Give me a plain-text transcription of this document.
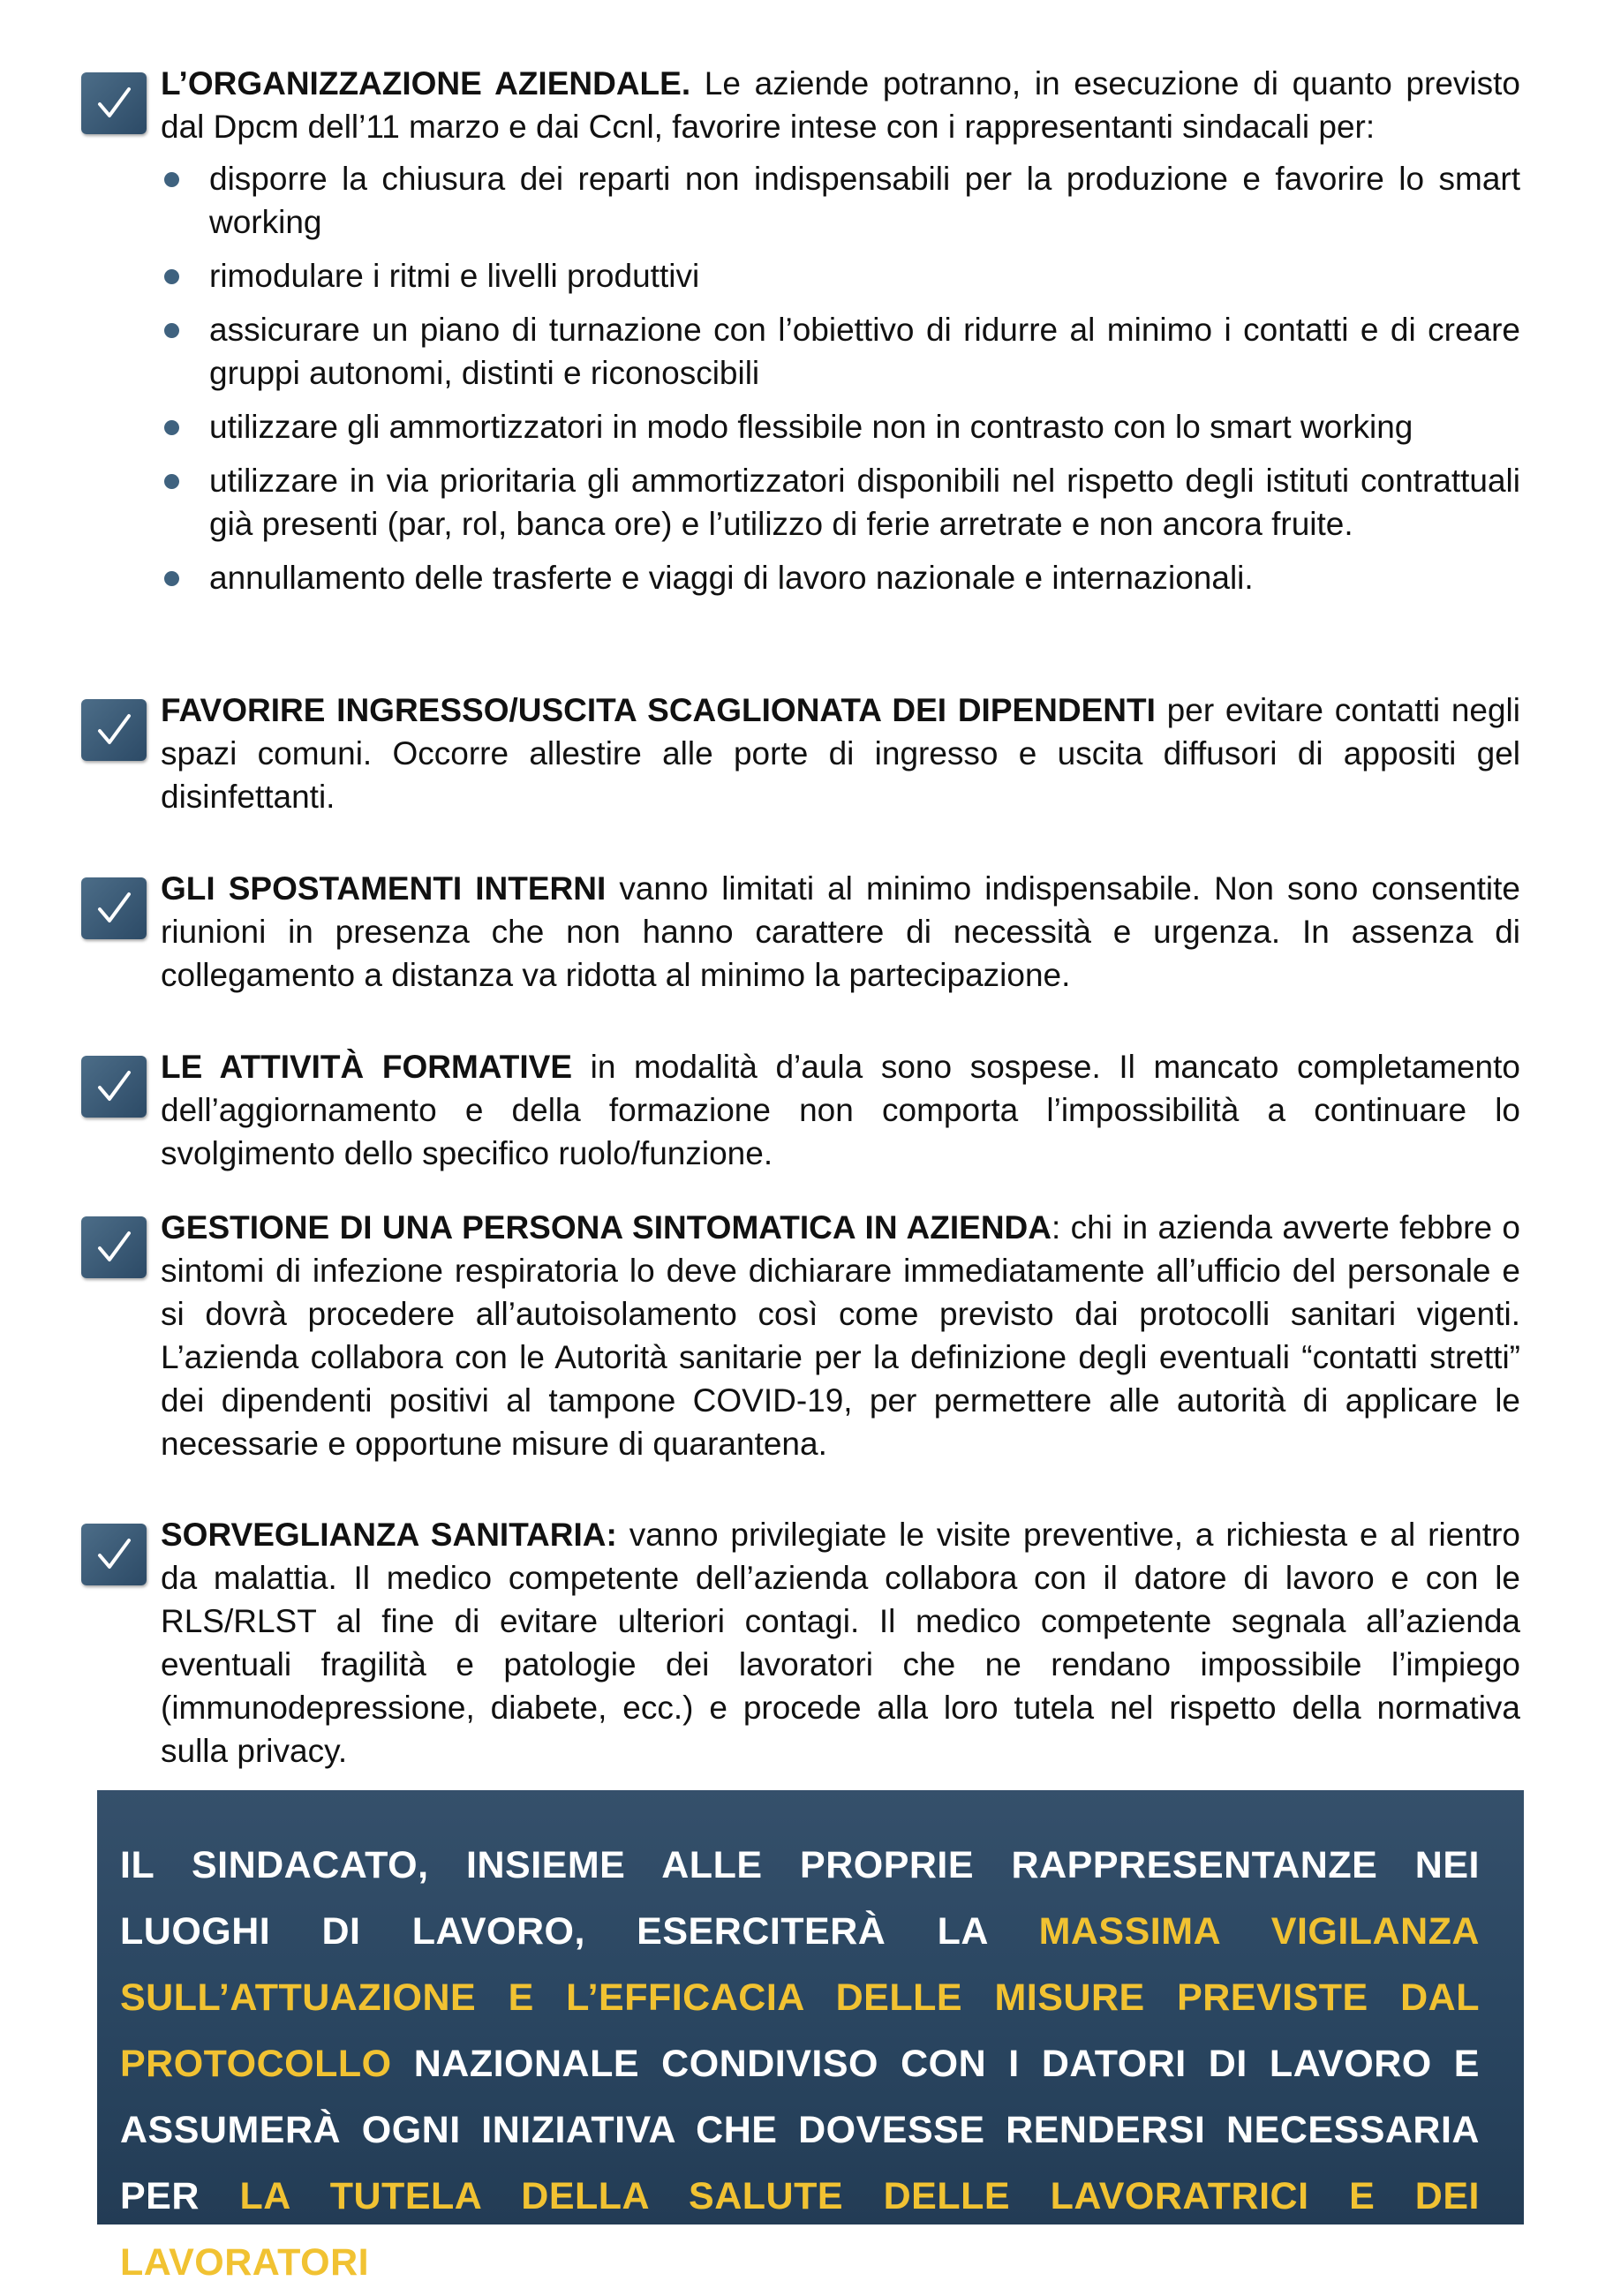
L’ORGANIZZAZIONE AZIENDALE. Le aziende potranno, in esecuzione di quanto previsto dal Dpcm dell’11 marzo e dai Ccnl, favorire intese con i rappresentanti sindacali per:
disporre la chiusura dei reparti non indispensabili per la produzione e favorire lo smart working
rimodulare i ritmi e livelli produttivi
assicurare un piano di turnazione con l’obiettivo di ridurre al minimo i contatti e di creare gruppi autonomi, distinti e riconoscibili
utilizzare gli ammortizzatori in modo flessibile non in contrasto con lo smart working
utilizzare in via prioritaria gli ammortizzatori disponibili nel rispetto degli istituti contrattuali già presenti (par, rol, banca ore) e l’utilizzo di ferie arretrate e non ancora fruite.
annullamento delle trasferte e viaggi di lavoro nazionale e internazionali.
FAVORIRE INGRESSO/USCITA SCAGLIONATA DEI DIPENDENTI per evitare contatti negli spazi comuni. Occorre allestire alle porte di ingresso e uscita diffusori di appositi gel disinfettanti.
GLI SPOSTAMENTI INTERNI vanno limitati al minimo indispensabile. Non sono consentite riunioni in presenza che non hanno carattere di necessità e urgenza. In assenza di collegamento a distanza va ridotta al minimo la partecipazione.
LE ATTIVITÀ FORMATIVE in modalità d’aula sono sospese. Il mancato completamento dell’aggiornamento e della formazione non comporta l’impossibilità a continuare lo svolgimento dello specifico ruolo/funzione.
GESTIONE DI UNA PERSONA SINTOMATICA IN AZIENDA: chi in azienda avverte febbre o sintomi di infezione respiratoria lo deve dichiarare immediatamente all’ufficio del personale e si dovrà procedere all’autoisolamento così come previsto dai protocolli sanitari vigenti. L’azienda collabora con le Autorità sanitarie per la definizione degli eventuali “contatti stretti” dei dipendenti positivi al tampone COVID-19, per permettere alle autorità di applicare le necessarie e opportune misure di quarantena.
SORVEGLIANZA SANITARIA: vanno privilegiate le visite preventive, a richiesta e al rientro da malattia. Il medico competente dell’azienda collabora con il datore di lavoro e con le RLS/RLST al fine di evitare ulteriori contagi. Il medico competente segnala all’azienda eventuali fragilità e patologie dei lavoratori che ne rendano impossibile l’impiego (immunodepressione, diabete, ecc.) e procede alla loro tutela nel rispetto della normativa sulla privacy.

IL SINDACATO, INSIEME ALLE PROPRIE RAPPRESENTANZE NEI LUOGHI DI LAVORO, ESERCITERÀ LA MASSIMA VIGILANZA SULL’ATTUAZIONE E L’EFFICACIA DELLE MISURE PREVISTE DAL PROTOCOLLO NAZIONALE CONDIVISO CON I DATORI DI LAVORO E ASSUMERÀ OGNI INIZIATIVA CHE DOVESSE RENDERSI NECESSARIA PER LA TUTELA DELLA SALUTE DELLE LAVORATRICI E DEI LAVORATORI
